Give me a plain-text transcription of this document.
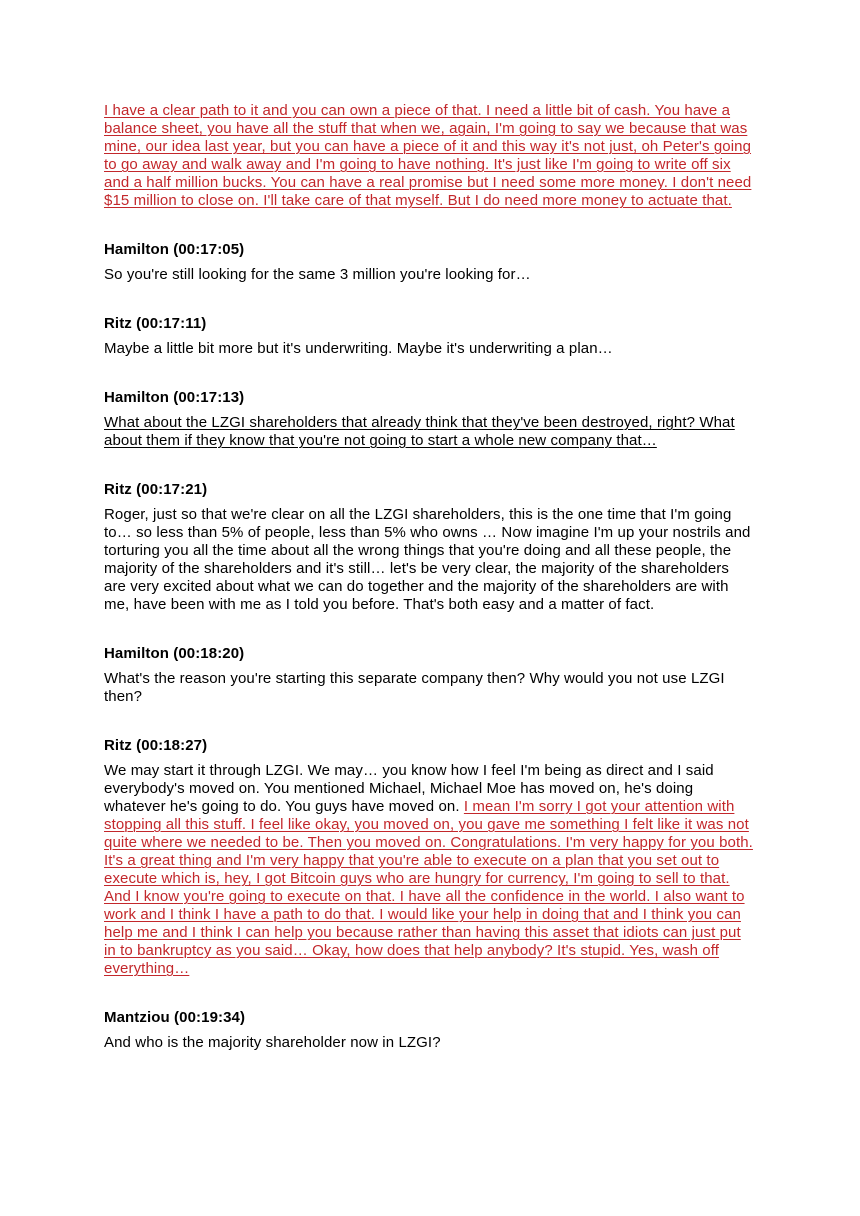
I have a clear path to it and you can own a piece of that. I need a little bit of cash. You have a balance sheet, you have all the stuff that when we, again, I'm going to say we because that was mine, our idea last year, but you can have a piece of it and this way it's not just, oh Peter's going to go away and walk away and I'm going to have nothing. It's just like I'm going to write off six and a half million bucks. You can have a real promise but I need some more money. I don't need $15 million to close on. I'll take care of that myself. But I do need more money to actuate that.

Hamilton (00:17:05)

So you're still looking for the same 3 million you're looking for…

Ritz (00:17:11)

Maybe a little bit more but it's underwriting. Maybe it's underwriting a plan…

Hamilton (00:17:13)

What about the LZGI shareholders that already think that they've been destroyed, right? What about them if they know that you're not going to start a whole new company that…

Ritz (00:17:21)

Roger, just so that we're clear on all the LZGI shareholders, this is the one time that I'm going to… so less than 5% of people, less than 5% who owns … Now imagine I'm up your nostrils and torturing you all the time about all the wrong things that you're doing and all these people, the majority of the shareholders and it's still… let's be very clear, the majority of the shareholders are very excited about what we can do together and the majority of the shareholders are with me, have been with me as I told you before. That's both easy and a matter of fact.

Hamilton (00:18:20)

What's the reason you're starting this separate company then? Why would you not use LZGI then?

Ritz (00:18:27)

We may start it through LZGI. We may… you know how I feel I'm being as direct and I said everybody's moved on. You mentioned Michael, Michael Moe has moved on, he's doing whatever he's going to do. You guys have moved on. I mean I'm sorry I got your attention with stopping all this stuff. I feel like okay, you moved on, you gave me something I felt like it was not quite where we needed to be. Then you moved on. Congratulations. I'm very happy for you both. It's a great thing and I'm very happy that you're able to execute on a plan that you set out to execute which is, hey, I got Bitcoin guys who are hungry for currency, I'm going to sell to that. And I know you're going to execute on that. I have all the confidence in the world. I also want to work and I think I have a path to do that. I would like your help in doing that and I think you can help me and I think I can help you because rather than having this asset that idiots can just put in to bankruptcy as you said… Okay, how does that help anybody? It's stupid. Yes, wash off everything…

Mantziou (00:19:34)

And who is the majority shareholder now in LZGI?
